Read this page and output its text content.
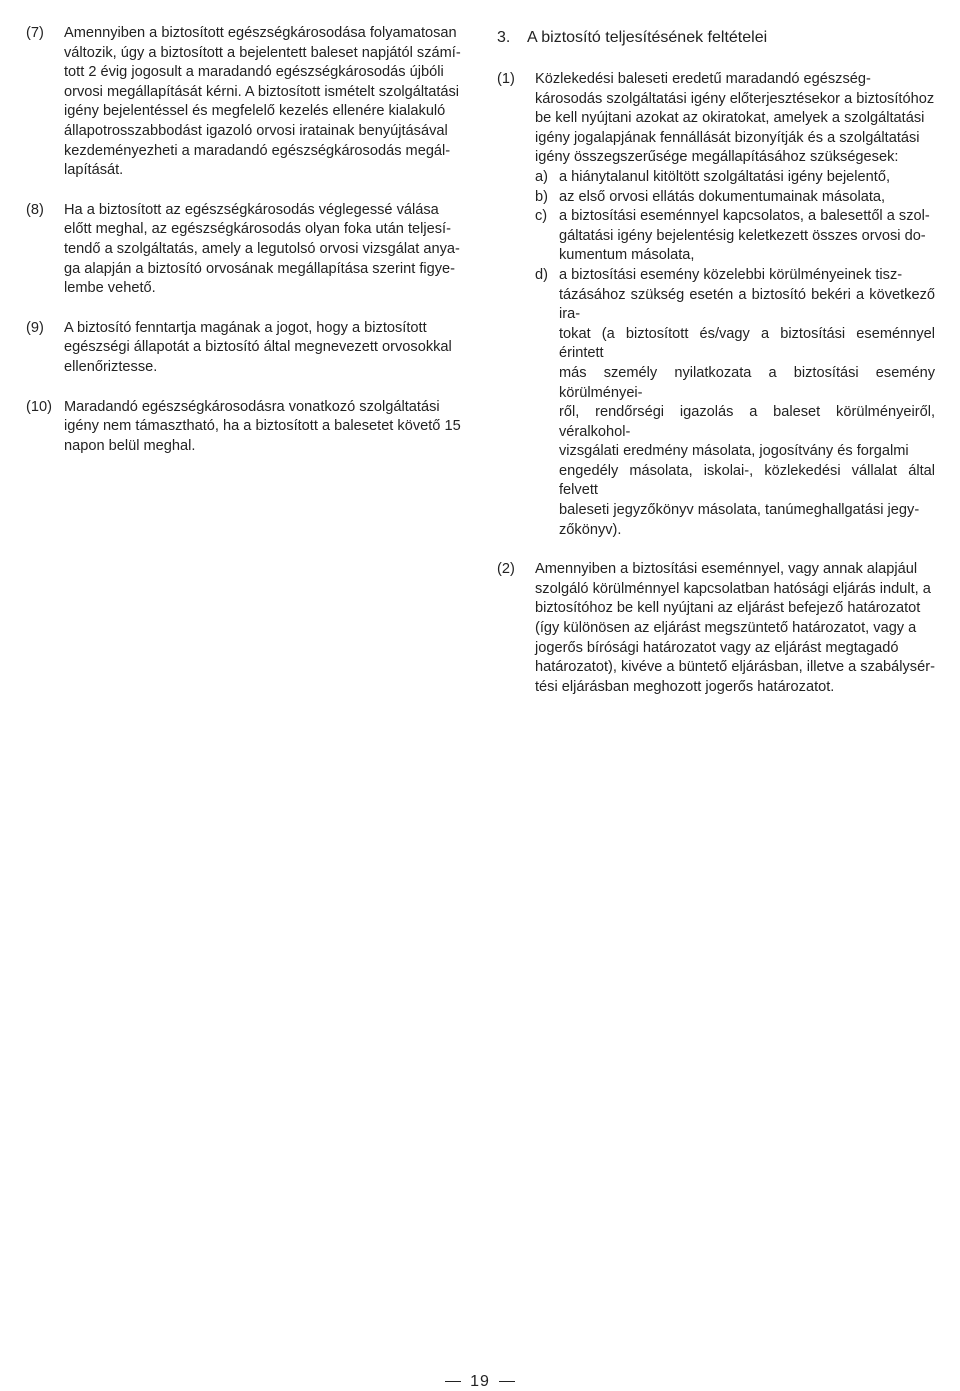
(7)	Amennyiben a biztosított egészségkárosodása folyamatosan
változik, úgy a biztosított a bejelentett baleset napjától számí-
tott 2 évig jogosult a maradandó egészségkárosodás újbóli
orvosi megállapítását kérni. A biztosított ismételt szolgáltatási
igény bejelentéssel és megfelelő kezelés ellenére kialakuló
állapotrosszabbodást igazoló orvosi iratainak benyújtásával
kezdeményezheti a maradandó egészségkárosodás megál-
lapítását.
(8)	Ha a biztosított az egészségkárosodás véglegessé válása
előtt meghal, az egészségkárosodás olyan foka után teljesí-
tendő a szolgáltatás, amely a legutolsó orvosi vizsgálat anya-
ga alapján a biztosító orvosának megállapítása szerint figye-
lembe vehető.
(9)	A biztosító fenntartja magának a jogot, hogy a biztosított
egészségi állapotát a biztosító által megnevezett orvosokkal
ellenőriztesse.
(10) Maradandó egészségkárosodásra vonatkozó szolgáltatási
igény nem támasztható, ha a biztosított a balesetet követő 15
napon belül meghal.
3.	A biztosító teljesítésének feltételei
(1)	Közlekedési baleseti eredetű maradandó egészség-
károsodás szolgáltatási igény előterjesztésekor a biztosítóhoz
be kell nyújtani azokat az okiratokat, amelyek a szolgáltatási
igény jogalapjának fennállását bizonyítják és a szolgáltatási
igény összegszerűsége megállapításához szükségesek:
a) a hiánytalanul kitöltött szolgáltatási igény bejelentő,
b) az első orvosi ellátás dokumentumainak másolata,
c) a biztosítási eseménnyel kapcsolatos, a balesettől a szol-
gáltatási igény bejelentésig keletkezett összes orvosi do-
kumentum másolata,
d) a biztosítási esemény közelebbi körülményeinek tisz-
tázásához szükség esetén a biztosító bekéri a következő ira-
tokat (a biztosított és/vagy a biztosítási eseménnyel érintett
más személy nyilatkozata a biztosítási esemény körülményei-
ről, rendőrségi igazolás a baleset körülményeiről, véralkohol-
vizsgálati eredmény másolata, jogosítvány és forgalmi
engedély másolata, iskolai-, közlekedési vállalat által felvett
baleseti jegyzőkönyv másolata, tanúmeghallgatási jegy-
zőkönyv).
(2)	Amennyiben a biztosítási eseménnyel, vagy annak alapjául
szolgáló körülménnyel kapcsolatban hatósági eljárás indult, a
biztosítóhoz be kell nyújtani az eljárást befejező határozatot
(így különösen az eljárást megszüntető határozatot, vagy a
jogerős bírósági határozatot vagy az eljárást megtagadó
határozatot), kivéve a büntető eljárásban, illetve a szabálysér-
tési eljárásban meghozott jogerős határozatot.
19
